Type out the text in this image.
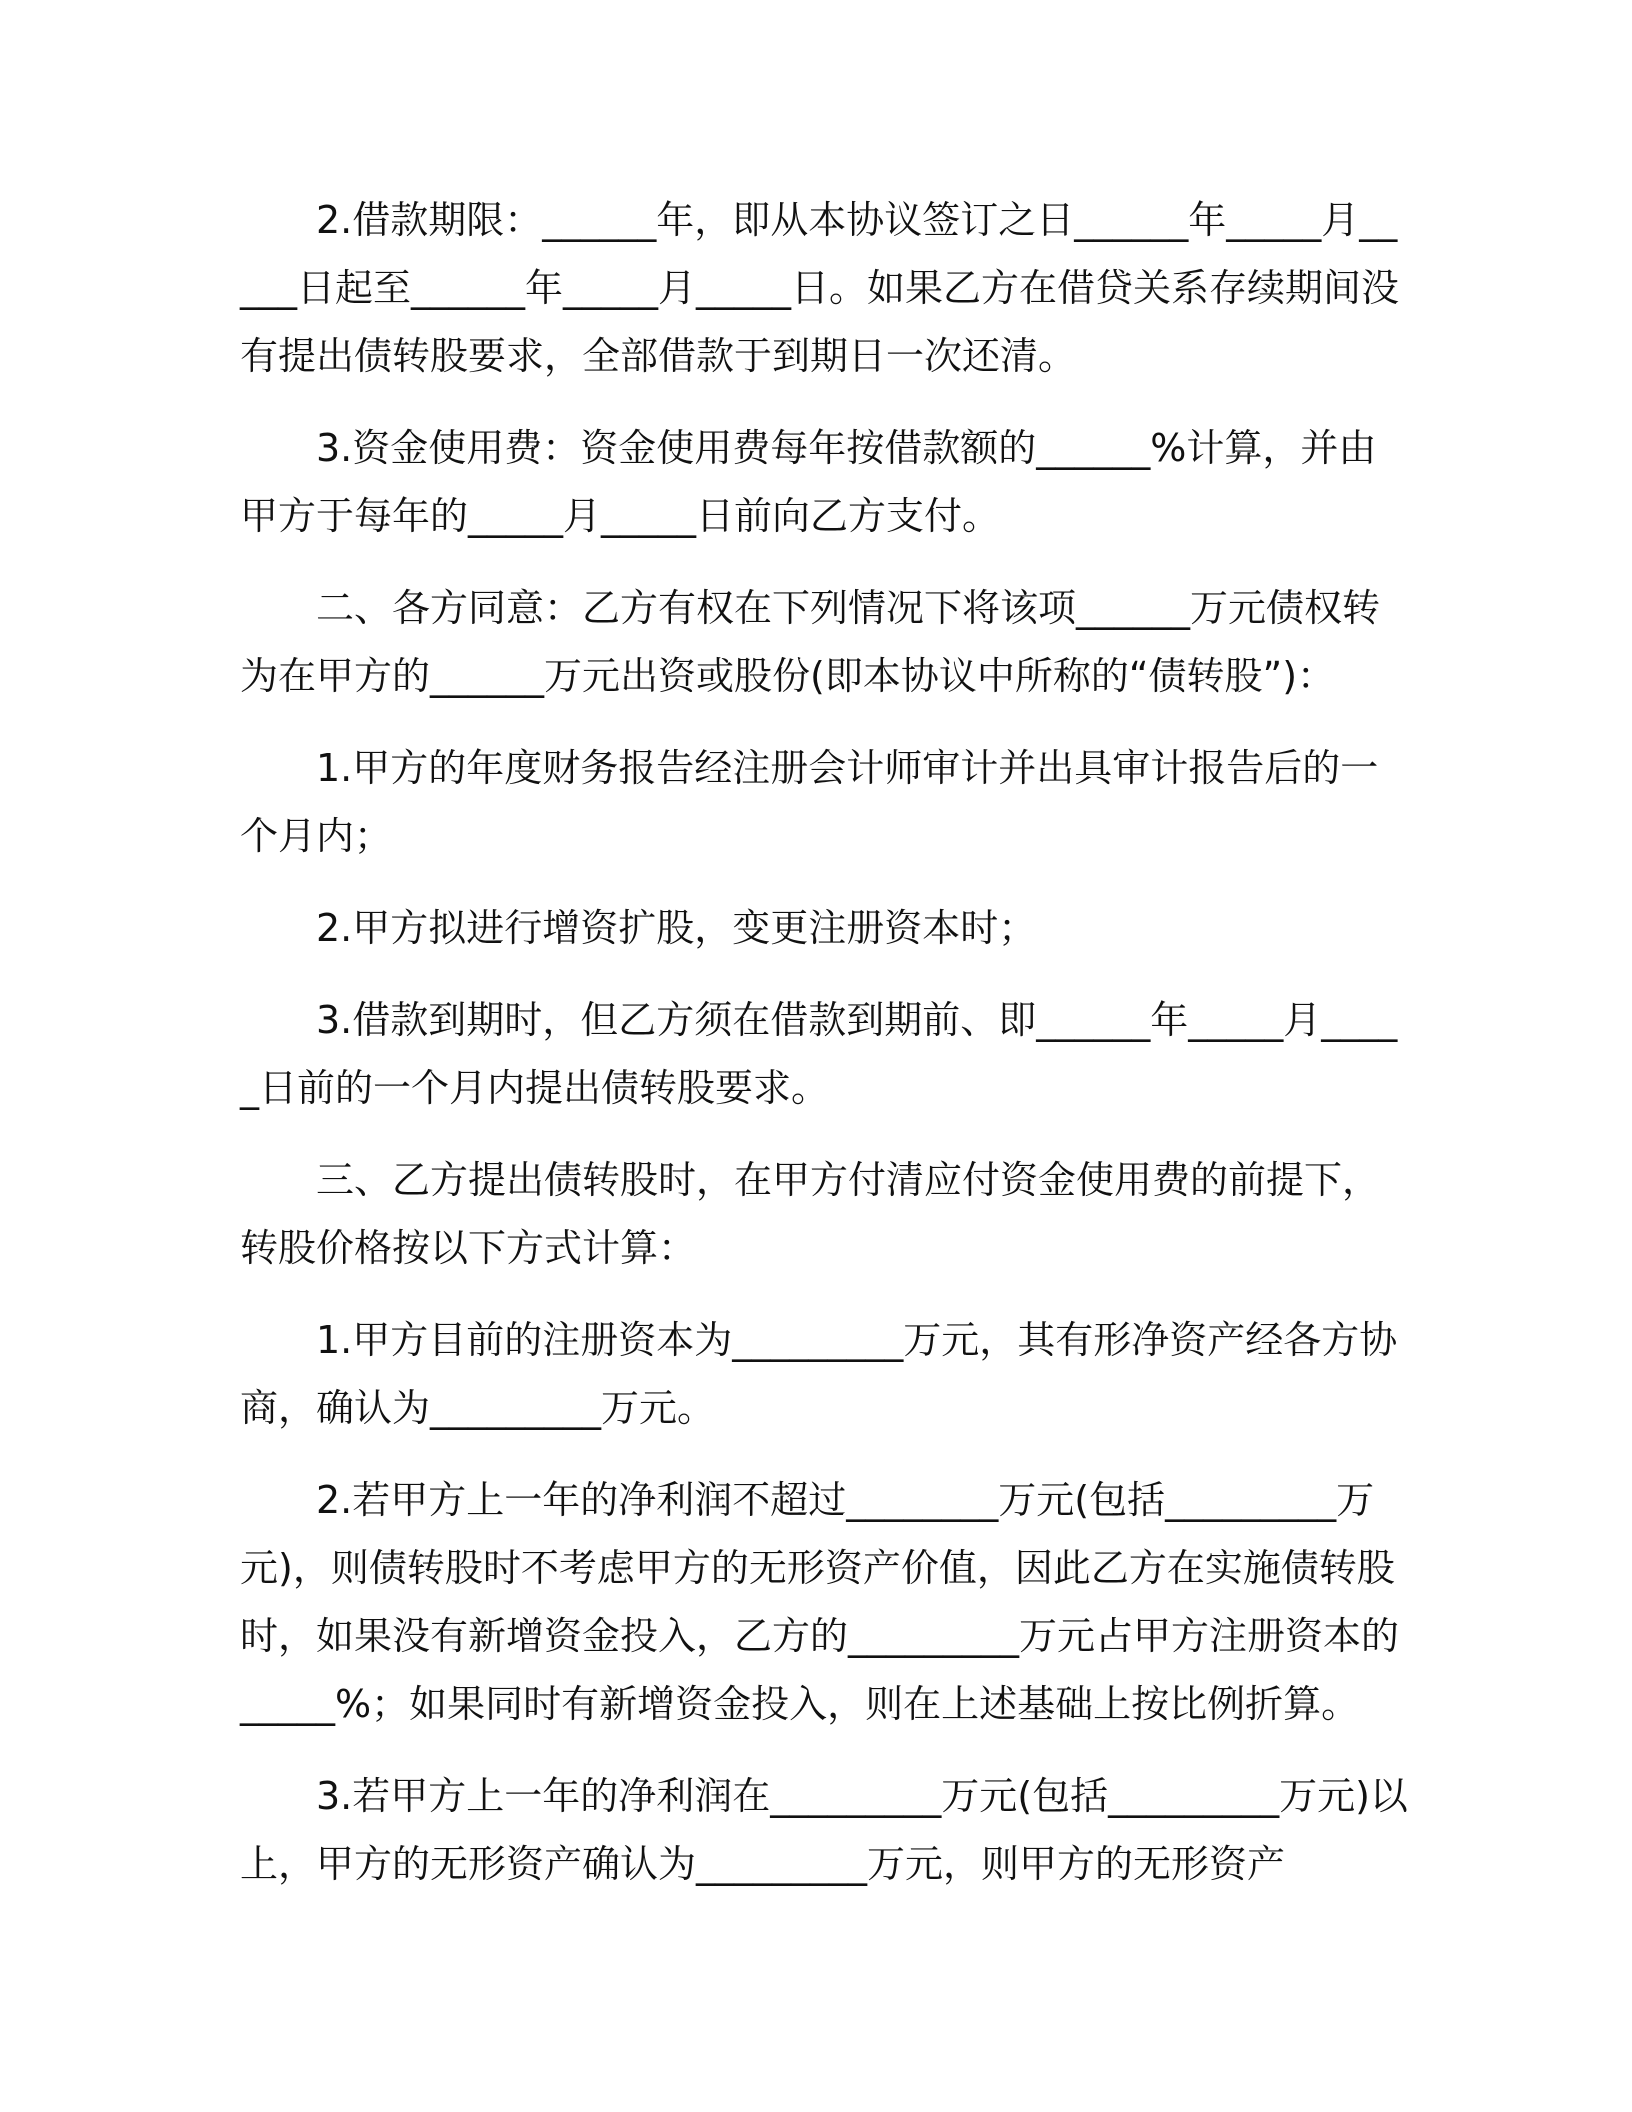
2.借款期限：______年，即从本协议签订之日______年_____月_____日起至______年_____月_____日。如果乙方在借贷关系存续期间没有提出债转股要求，全部借款于到期日一次还清。

3.资金使用费：资金使用费每年按借款额的______%计算，并由甲方于每年的_____月_____日前向乙方支付。

二、各方同意：乙方有权在下列情况下将该项______万元债权转为在甲方的______万元出资或股份(即本协议中所称的“债转股”)：

1.甲方的年度财务报告经注册会计师审计并出具审计报告后的一个月内；

2.甲方拟进行增资扩股，变更注册资本时；

3.借款到期时，但乙方须在借款到期前、即______年_____月_____日前的一个月内提出债转股要求。

三、乙方提出债转股时，在甲方付清应付资金使用费的前提下，转股价格按以下方式计算：

1.甲方目前的注册资本为_________万元，其有形净资产经各方协商，确认为_________万元。

2.若甲方上一年的净利润不超过________万元(包括_________万元)，则债转股时不考虑甲方的无形资产价值，因此乙方在实施债转股时，如果没有新增资金投入，乙方的_________万元占甲方注册资本的_____%；如果同时有新增资金投入，则在上述基础上按比例折算。

3.若甲方上一年的净利润在_________万元(包括_________万元)以上，甲方的无形资产确认为_________万元，则甲方的无形资产
